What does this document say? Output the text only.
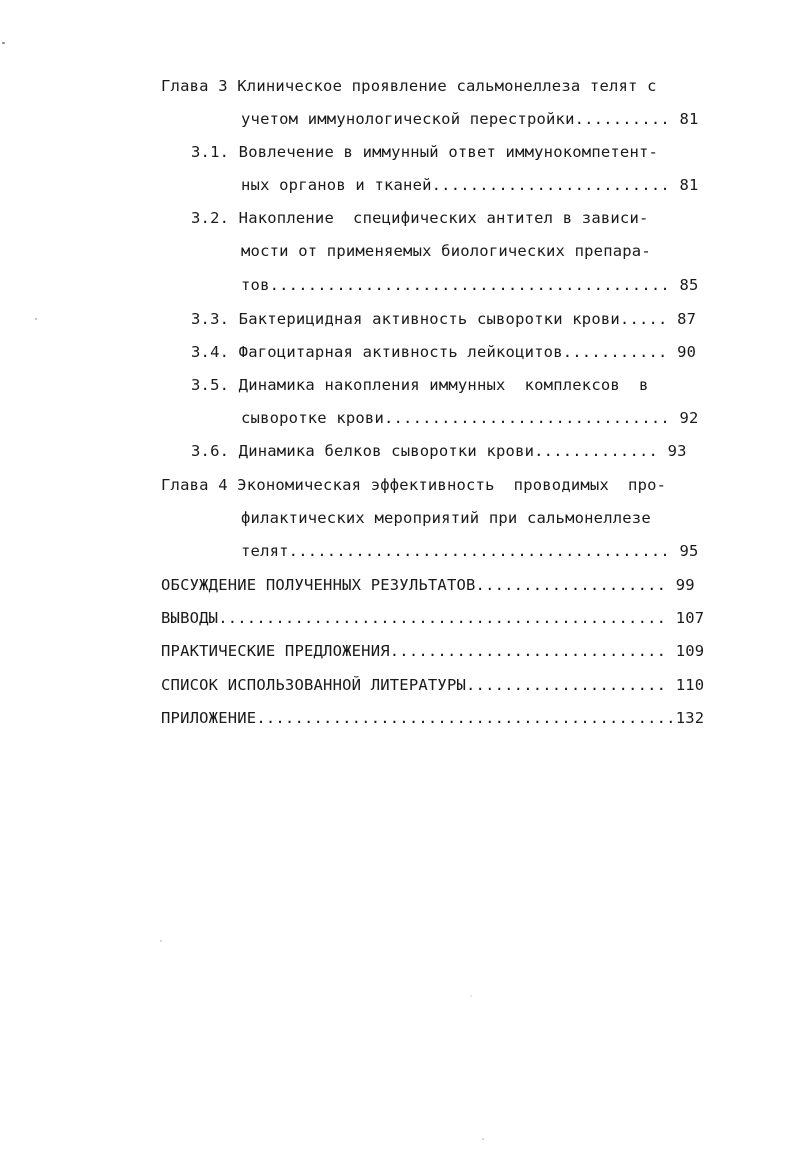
Глава 3 Клиническое проявление сальмонеллеза телят с
учетом иммунологической перестройки.......... 81
3.1. Вовлечение в иммунный ответ иммунокомпетент-
ных органов и тканей......................... 81
3.2. Накопление  специфических антител в зависи-
мости от применяемых биологических препара-
тов.......................................... 85
3.3. Бактерицидная активность сыворотки крови..... 87
3.4. Фагоцитарная активность лейкоцитов........... 90
3.5. Динамика накопления иммунных  комплексов  в
сыворотке крови.............................. 92
3.6. Динамика белков сыворотки крови............. 93
Глава 4 Экономическая эффективность  проводимых  про-
филактических мероприятий при сальмонеллезе
телят........................................ 95
ОБСУЖДЕНИЕ ПОЛУЧЕННЫХ РЕЗУЛЬТАТОВ.................... 99
ВЫВОДЫ............................................... 107
ПРАКТИЧЕСКИЕ ПРЕДЛОЖЕНИЯ............................. 109
СПИСОК ИСПОЛЬЗОВАННОЙ ЛИТЕРАТУРЫ..................... 110
ПРИЛОЖЕНИЕ............................................132
